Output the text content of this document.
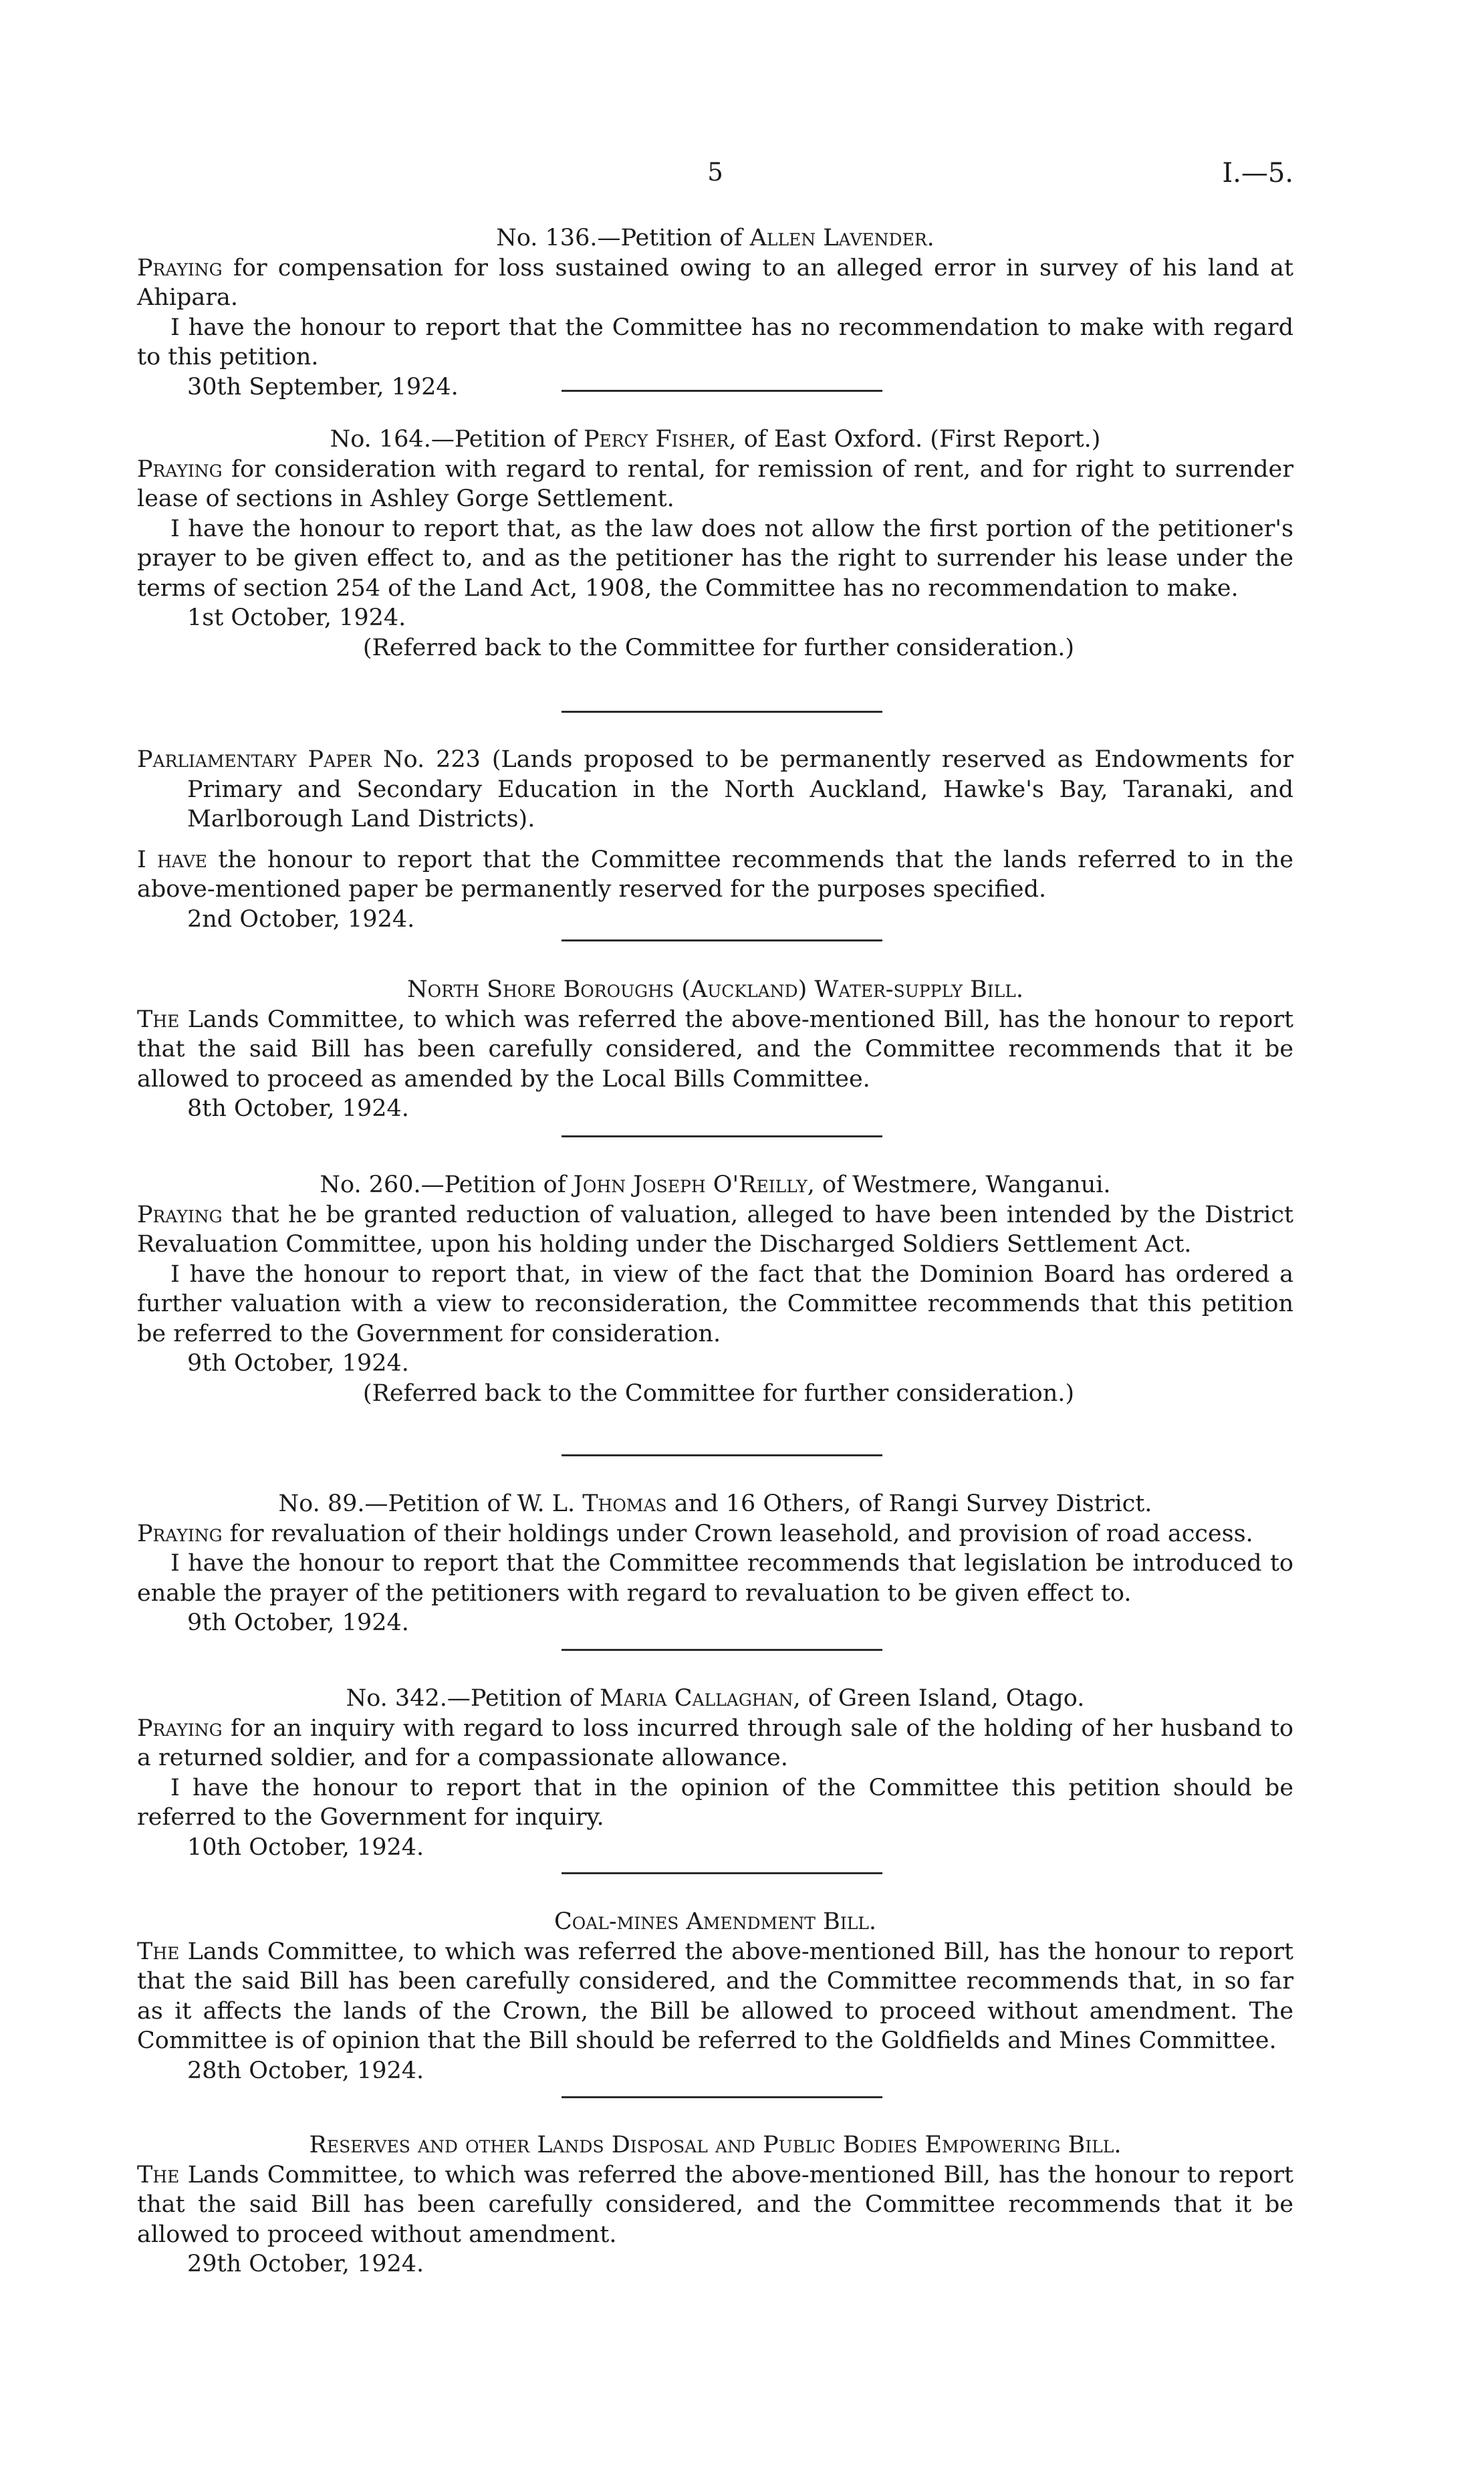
5	I.—5.
No. 136.—Petition of Allen Lavender.

Praying for compensation for loss sustained owing to an alleged error in survey of his land at Ahipara.

I have the honour to report that the Committee has no recommendation to make with regard to this petition.

30th September, 1924.

No. 164.—Petition of Percy Fisher, of East Oxford. (First Report.)

Praying for consideration with regard to rental, for remission of rent, and for right to surrender lease of sections in Ashley Gorge Settlement.

I have the honour to report that, as the law does not allow the first portion of the petitioner's prayer to be given effect to, and as the petitioner has the right to surrender his lease under the terms of section 254 of the Land Act, 1908, the Committee has no recommendation to make.

1st October, 1924.

(Referred back to the Committee for further consideration.)

Parliamentary Paper No. 223 (Lands proposed to be permanently reserved as Endowments for Primary and Secondary Education in the North Auckland, Hawke's Bay, Taranaki, and Marlborough Land Districts).

I have the honour to report that the Committee recommends that the lands referred to in the above-mentioned paper be permanently reserved for the purposes specified.

2nd October, 1924.

North Shore Boroughs (Auckland) Water-supply Bill.

The Lands Committee, to which was referred the above-mentioned Bill, has the honour to report that the said Bill has been carefully considered, and the Committee recommends that it be allowed to proceed as amended by the Local Bills Committee.

8th October, 1924.

No. 260.—Petition of John Joseph O'Reilly, of Westmere, Wanganui.

Praying that he be granted reduction of valuation, alleged to have been intended by the District Revaluation Committee, upon his holding under the Discharged Soldiers Settlement Act.

I have the honour to report that, in view of the fact that the Dominion Board has ordered a further valuation with a view to reconsideration, the Committee recommends that this petition be referred to the Government for consideration.

9th October, 1924.

(Referred back to the Committee for further consideration.)

No. 89.—Petition of W. L. Thomas and 16 Others, of Rangi Survey District.

Praying for revaluation of their holdings under Crown leasehold, and provision of road access.

I have the honour to report that the Committee recommends that legislation be introduced to enable the prayer of the petitioners with regard to revaluation to be given effect to.

9th October, 1924.

No. 342.—Petition of Maria Callaghan, of Green Island, Otago.

Praying for an inquiry with regard to loss incurred through sale of the holding of her husband to a returned soldier, and for a compassionate allowance.

I have the honour to report that in the opinion of the Committee this petition should be referred to the Government for inquiry.

10th October, 1924.

Coal-mines Amendment Bill.

The Lands Committee, to which was referred the above-mentioned Bill, has the honour to report that the said Bill has been carefully considered, and the Committee recommends that, in so far as it affects the lands of the Crown, the Bill be allowed to proceed without amendment. The Committee is of opinion that the Bill should be referred to the Goldfields and Mines Committee.

28th October, 1924.

Reserves and other Lands Disposal and Public Bodies Empowering Bill.

The Lands Committee, to which was referred the above-mentioned Bill, has the honour to report that the said Bill has been carefully considered, and the Committee recommends that it be allowed to proceed without amendment.

29th October, 1924.
